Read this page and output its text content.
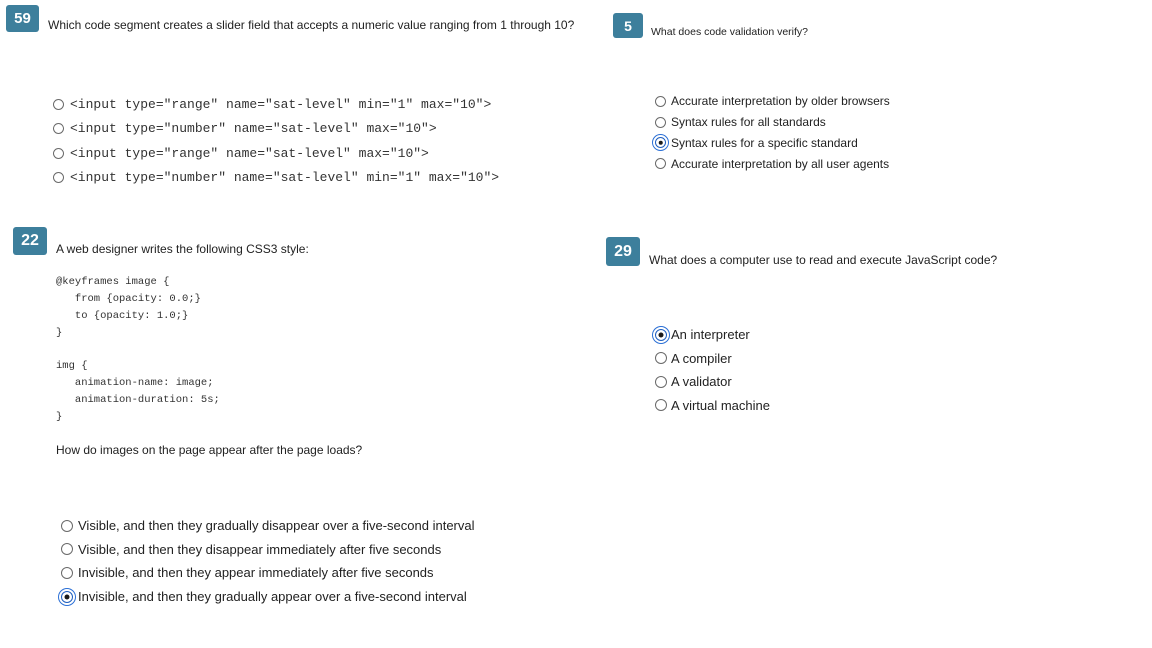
59	Which code segment creates a slider field that accepts a numeric value ranging from 1 through 10?
<input type="range" name="sat-level" min="1" max="10">
<input type="number" name="sat-level" max="10">
<input type="range" name="sat-level" max="10">
<input type="number" name="sat-level" min="1" max="10">
5	What does code validation verify?
Accurate interpretation by older browsers
Syntax rules for all standards
Syntax rules for a specific standard
Accurate interpretation by all user agents
22	A web designer writes the following CSS3 style:
@keyframes image {
from {opacity: 0.0;}
to {opacity: 1.0;}
}
img {
animation-name: image;
animation-duration: 5s;
}
How do images on the page appear after the page loads?
Visible, and then they gradually disappear over a five-second interval
Visible, and then they disappear immediately after five seconds
Invisible, and then they appear immediately after five seconds
Invisible, and then they gradually appear over a five-second interval
29
What does a computer use to read and execute JavaScript code?
An interpreter
A compiler
A validator
A virtual machine
